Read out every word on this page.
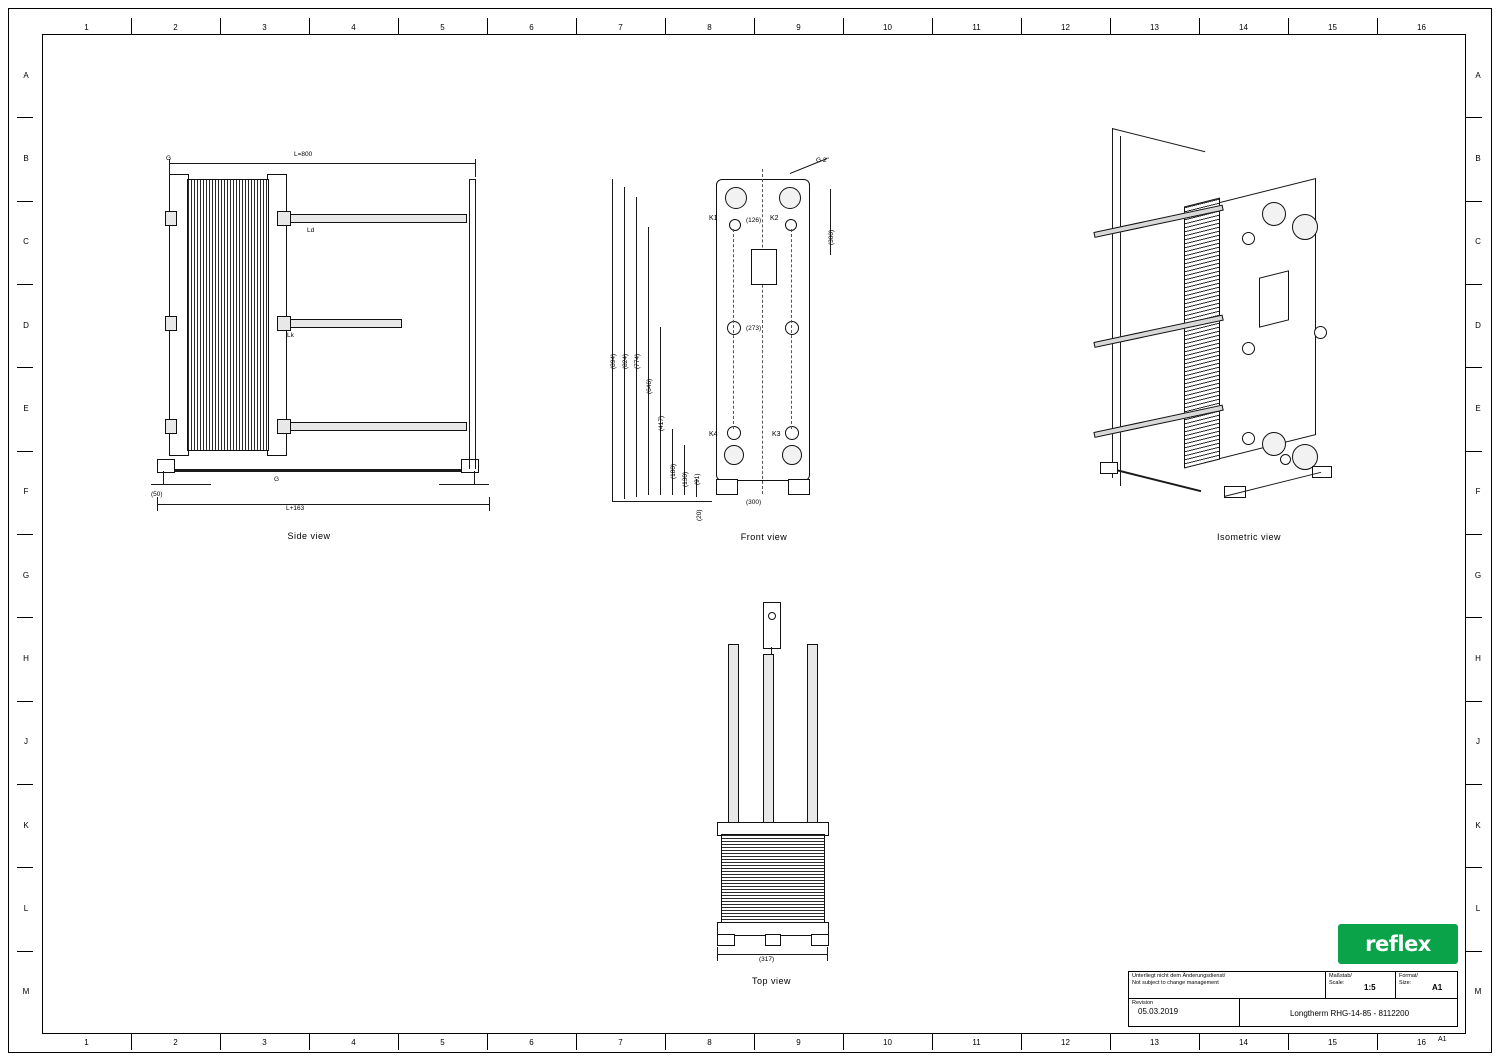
1	2	3	4	5	6	7	8	9	10	11	12	13	14	15	16
1	2	3	4	5	6	7	8	9	10	11	12	13	14	15	16
A
B
C
D
E
F
G
H
J
K
L
M
A
B
C
D
E
F
G
H
J
K
L
M
L=800
L+163
(50)
G
G
Ld
Lk
Side view
G 2"
K1	K2
K3
K4
(126)
(273)
(300)
(894) (824) (774)
(646)
(417)
(180)
(130) (91)
(20)
(300)
Front view	Isometric view
(317)
Top view
reflex
Unterliegt nicht dem Änderungsdienst/
Not subject to change management
Maßstab/
Scale:	1:5
Format/
Size:	A1
Revision
05.03.2019	Longtherm RHG-14-85 - 8112200
A1
